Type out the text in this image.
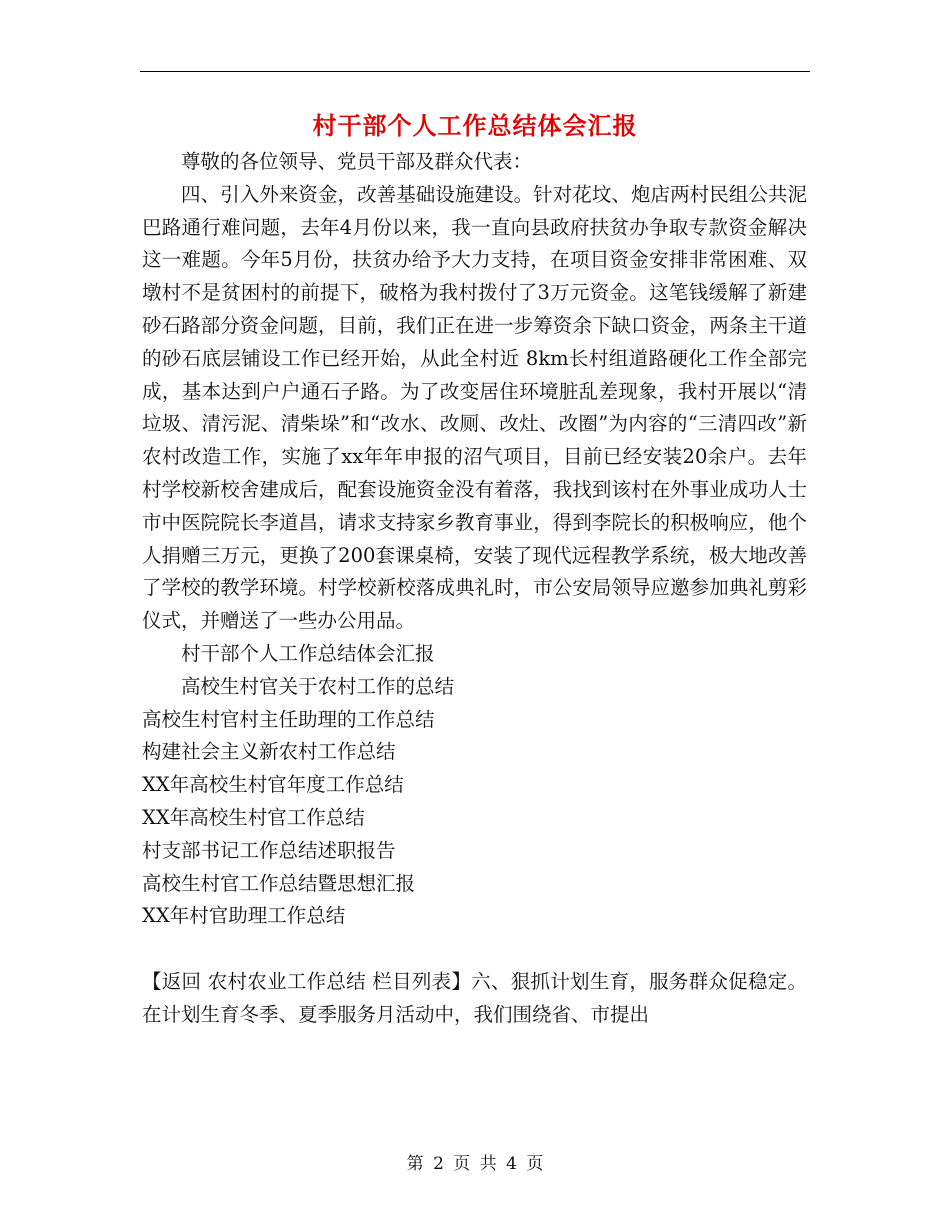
村干部个人工作总结体会汇报

尊敬的各位领导、党员干部及群众代表：

四、引入外来资金，改善基础设施建设。针对花坟、炮店两村民组公共泥巴路通行难问题，去年4月份以来，我一直向县政府扶贫办争取专款资金解决这一难题。今年5月份，扶贫办给予大力支持，在项目资金安排非常困难、双墩村不是贫困村的前提下，破格为我村拨付了3万元资金。这笔钱缓解了新建砂石路部分资金问题，目前，我们正在进一步筹资余下缺口资金，两条主干道的砂石底层铺设工作已经开始，从此全村近 8km长村组道路硬化工作全部完成，基本达到户户通石子路。为了改变居住环境脏乱差现象，我村开展以“清垃圾、清污泥、清柴垛”和“改水、改厕、改灶、改圈”为内容的“三清四改”新农村改造工作，实施了xx年年申报的沼气项目，目前已经安装20余户。去年村学校新校舍建成后，配套设施资金没有着落，我找到该村在外事业成功人士市中医院院长李道昌，请求支持家乡教育事业，得到李院长的积极响应，他个人捐赠三万元，更换了200套课桌椅，安装了现代远程教学系统，极大地改善了学校的教学环境。村学校新校落成典礼时，市公安局领导应邀参加典礼剪彩仪式，并赠送了一些办公用品。

村干部个人工作总结体会汇报

高校生村官关于农村工作的总结

高校生村官村主任助理的工作总结

构建社会主义新农村工作总结

XX年高校生村官年度工作总结

XX年高校生村官工作总结

村支部书记工作总结述职报告

高校生村官工作总结暨思想汇报

XX年村官助理工作总结

【返回 农村农业工作总结 栏目列表】六、狠抓计划生育，服务群众促稳定。在计划生育冬季、夏季服务月活动中，我们围绕省、市提出

第 2 页 共 4 页
